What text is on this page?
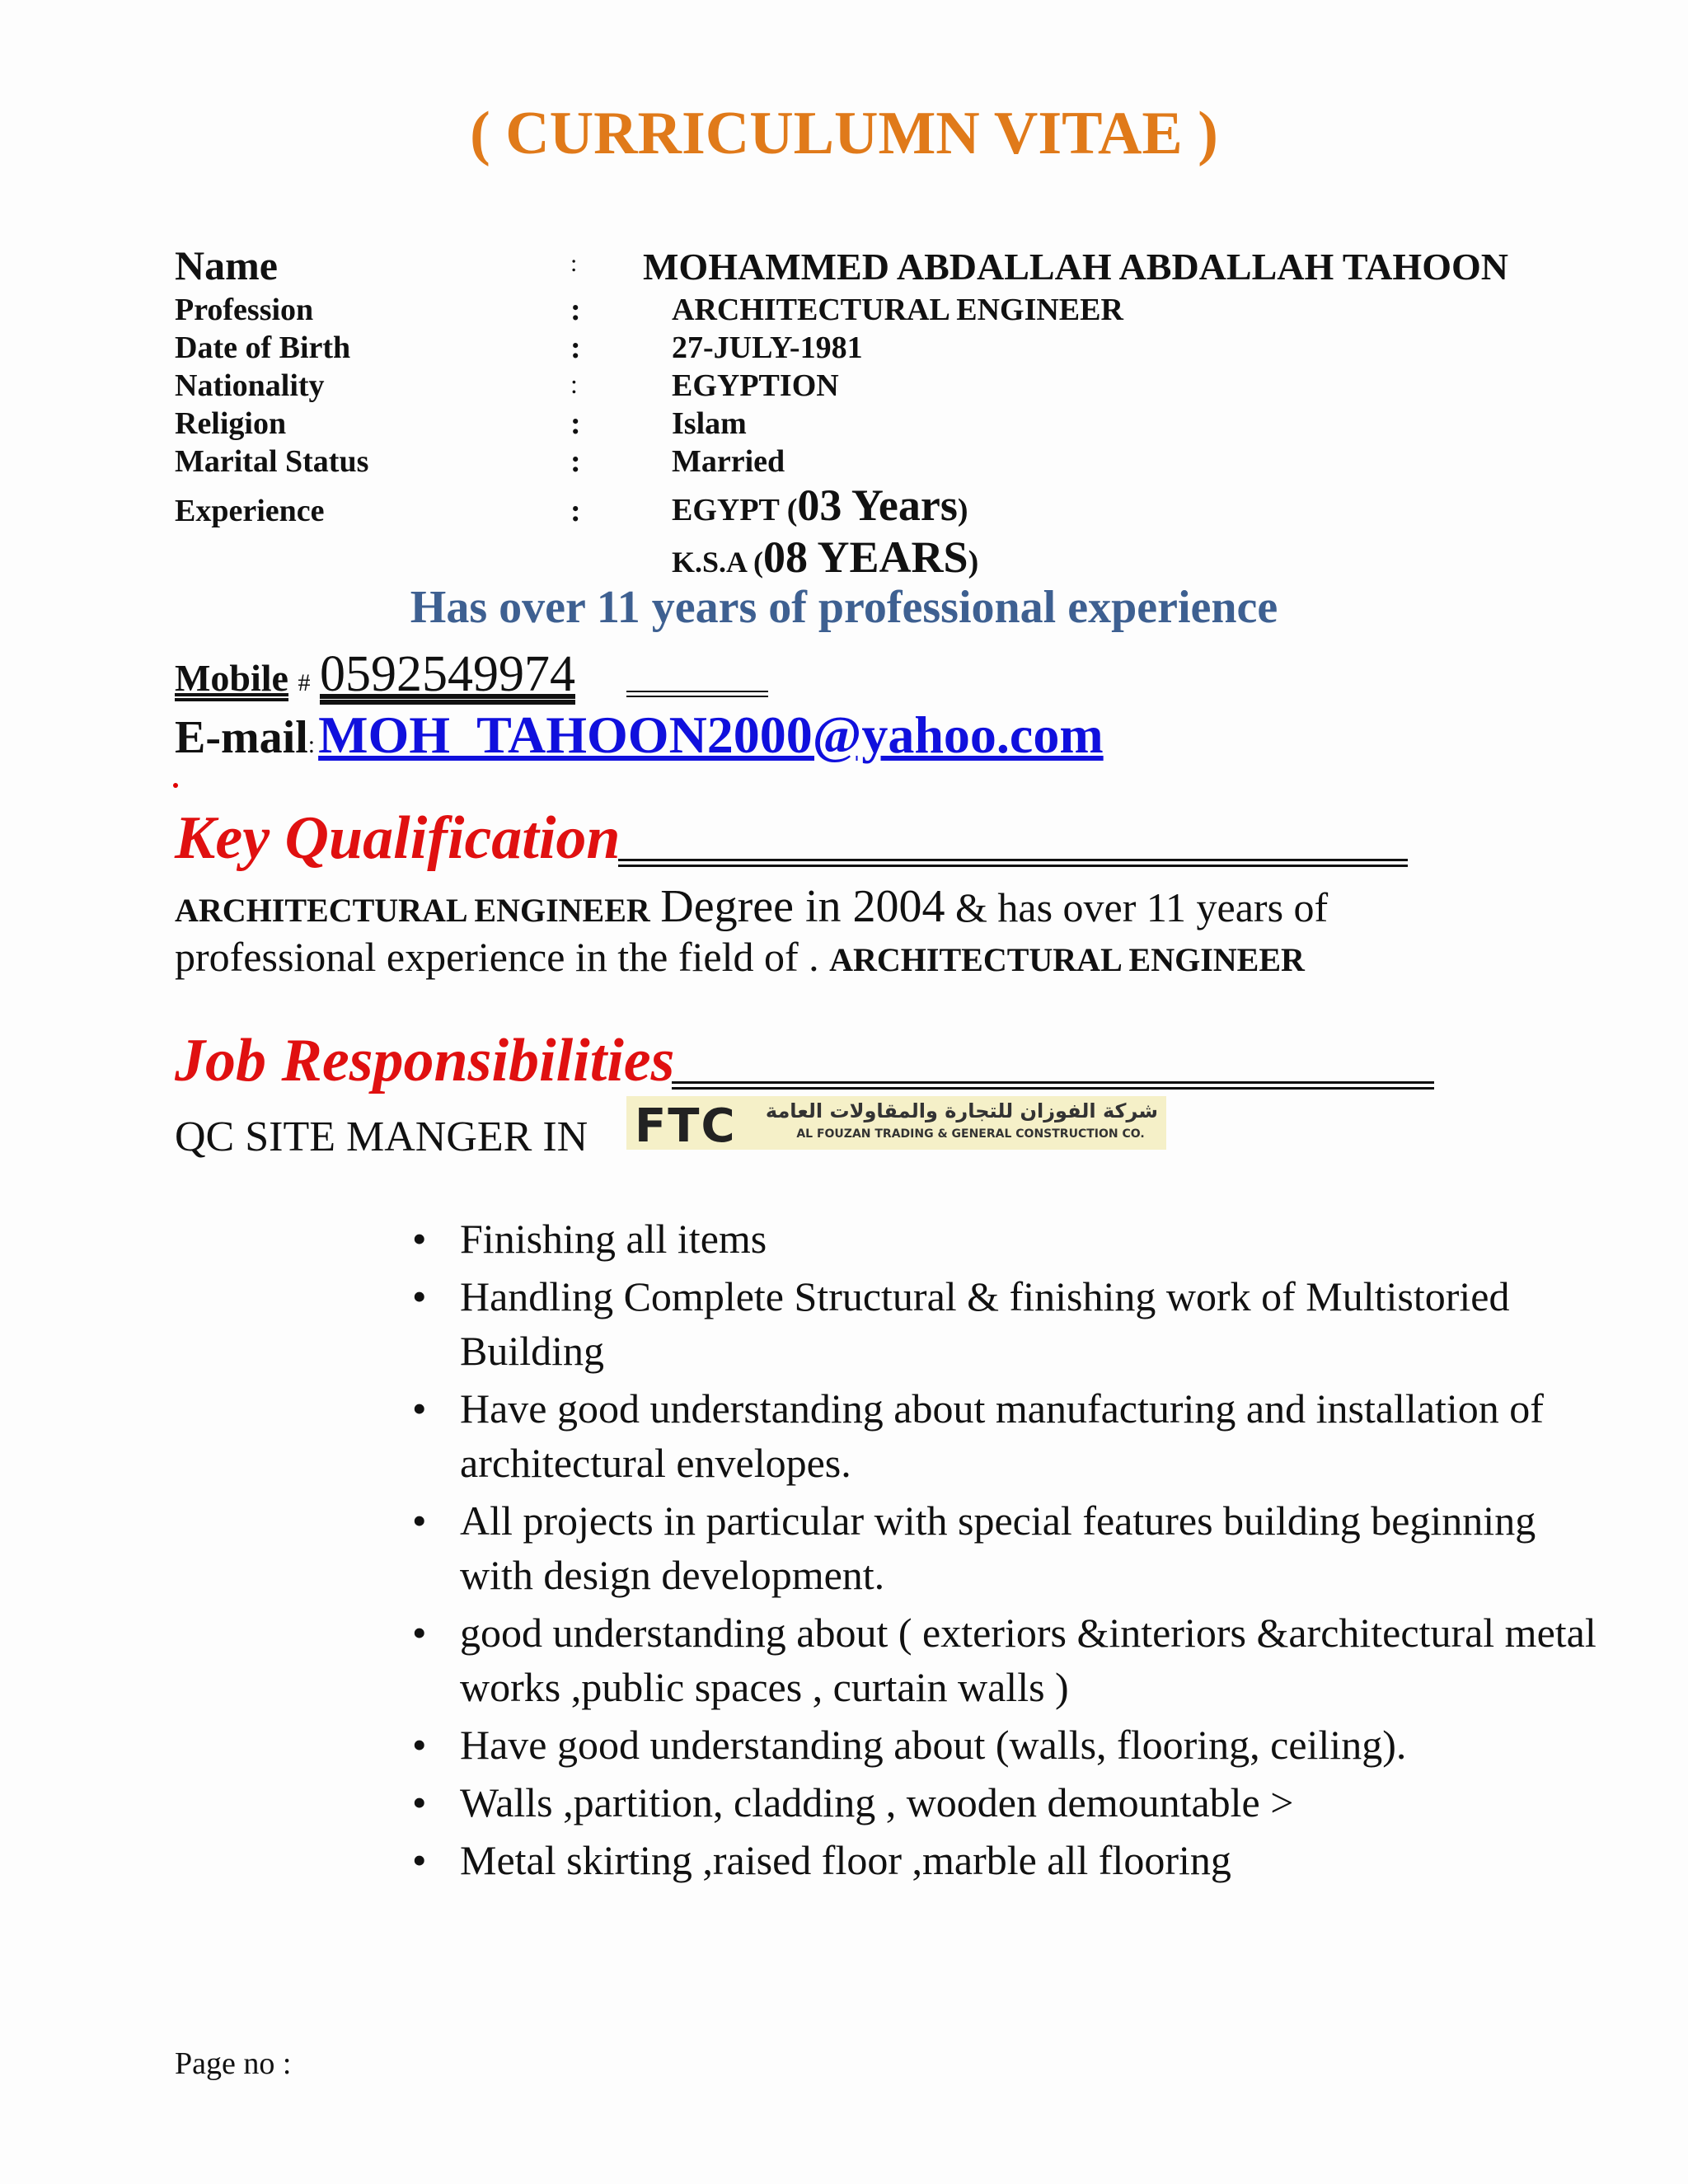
( CURRICULUMN VITAE )
Name	: MOHAMMED ABDALLAH ABDALLAH TAHOON
Profession	:	ARCHITECTURAL ENGINEER
Date of Birth	:	27-JULY-1981
Nationality	:	EGYPTION
Religion	:	Islam
Marital Status	:	Married
Experience	:	EGYPT (03 Years)
K.S.A (08 YEARS)
Has over 11 years of professional experience
Mobile # 0592549974
E-mail: MOH_TAHOON2000@yahoo.com
Key Qualification
ARCHITECTURAL ENGINEER Degree in 2004 & has over 11 years of
professional experience in the field of . ARCHITECTURAL ENGINEER
Job Responsibilities
QC SITE MANGER IN FTC شركة الفوزان للتجارة والمقاولات العامة
AL FOUZAN TRADING & GENERAL CONSTRUCTION CO.
• Finishing all items
• Handling Complete Structural & finishing work of Multistoried Building
• Have good understanding about manufacturing and installation of architectural envelopes.
• All projects in particular with special features building beginning with design development.
• good understanding about ( exteriors &interiors &architectural metal works ,public spaces , curtain walls )
• Have good understanding about (walls, flooring, ceiling).
• Walls ,partition, cladding , wooden demountable >
• Metal skirting ,raised floor ,marble all flooring
Page no :
